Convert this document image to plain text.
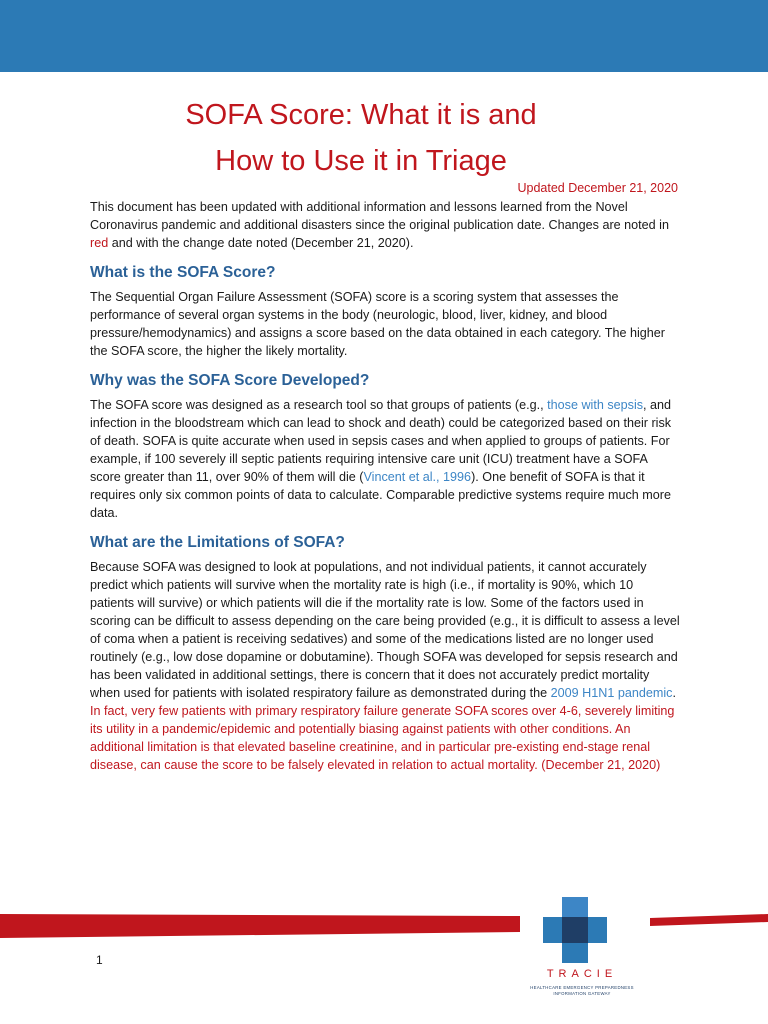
SOFA Score: What it is and
How to Use it in Triage
Updated December 21, 2020

This document has been updated with additional information and lessons learned from the Novel Coronavirus pandemic and additional disasters since the original publication date. Changes are noted in red and with the change date noted (December 21, 2020).

What is the SOFA Score?

The Sequential Organ Failure Assessment (SOFA) score is a scoring system that assesses the performance of several organ systems in the body (neurologic, blood, liver, kidney, and blood pressure/hemodynamics) and assigns a score based on the data obtained in each category. The higher the SOFA score, the higher the likely mortality.

Why was the SOFA Score Developed?

The SOFA score was designed as a research tool so that groups of patients (e.g., those with sepsis, and infection in the bloodstream which can lead to shock and death) could be categorized based on their risk of death. SOFA is quite accurate when used in sepsis cases and when applied to groups of patients. For example, if 100 severely ill septic patients requiring intensive care unit (ICU) treatment have a SOFA score greater than 11, over 90% of them will die (Vincent et al., 1996). One benefit of SOFA is that it requires only six common points of data to calculate. Comparable predictive systems require much more data.

What are the Limitations of SOFA?

Because SOFA was designed to look at populations, and not individual patients, it cannot accurately predict which patients will survive when the mortality rate is high (i.e., if mortality is 90%, which 10 patients will survive) or which patients will die if the mortality rate is low. Some of the factors used in scoring can be difficult to assess depending on the care being provided (e.g., it is difficult to assess a level of coma when a patient is receiving sedatives) and some of the medications listed are no longer used routinely (e.g., low dose dopamine or dobutamine). Though SOFA was developed for sepsis research and has been validated in additional settings, there is concern that it does not accurately predict mortality when used for patients with isolated respiratory failure as demonstrated during the 2009 H1N1 pandemic. In fact, very few patients with primary respiratory failure generate SOFA scores over 4-6, severely limiting its utility in a pandemic/epidemic and potentially biasing against patients with other conditions. An additional limitation is that elevated baseline creatinine, and in particular pre-existing end-stage renal disease, can cause the score to be falsely elevated in relation to actual mortality. (December 21, 2020)

1
TRACIE
HEALTHCARE EMERGENCY PREPAREDNESS
INFORMATION GATEWAY
